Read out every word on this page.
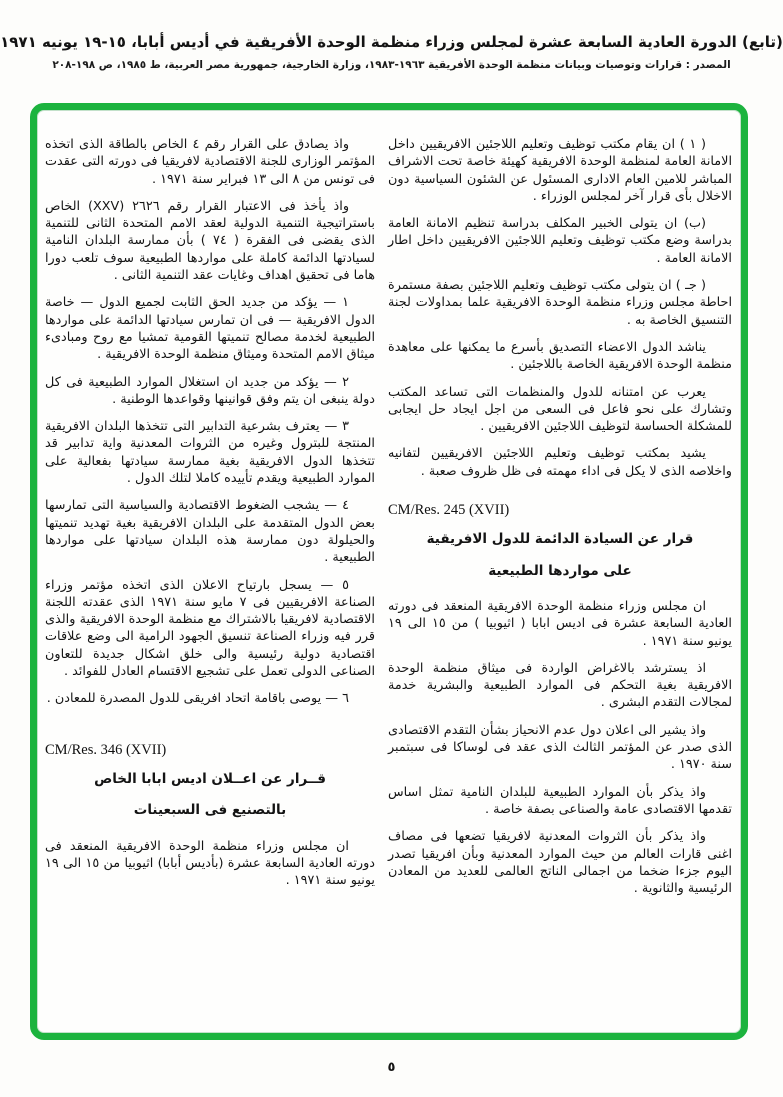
(تابع) الدورة العادية السابعة عشرة لمجلس وزراء منظمة الوحدة الأفريقية في أديس أبابا، ١٥-١٩ يونيه ١٩٧١
المصدر : قرارات وتوصيات وبيانات منظمة الوحدة الأفريقية ١٩٦٣-١٩٨٣، وزارة الخارجية، جمهورية مصر العربية، ط ١٩٨٥، ص ١٩٨-٢٠٨

( ١ ) ان يقام مكتب توظيف وتعليم اللاجئين الافريقيين داخل الامانة العامة لمنظمة الوحدة الافريقية كهيئة خاصة تحت الاشراف المباشر للامين العام الادارى المسئول عن الشئون السياسية دون الاخلال بأى قرار آخر لمجلس الوزراء .

(ب) ان يتولى الخبير المكلف بدراسة تنظيم الامانة العامة بدراسة وضع مكتب توظيف وتعليم اللاجئين الافريقيين داخل اطار الامانة العامة .

( جـ ) ان يتولى مكتب توظيف وتعليم اللاجئين بصفة مستمرة احاطة مجلس وزراء منظمة الوحدة الافريقية علما بمداولات لجنة التنسيق الخاصة به .

يناشد الدول الاعضاء التصديق بأسرع ما يمكنها على معاهدة منظمة الوحدة الافريقية الخاصة باللاجئين .

يعرب عن امتنانه للدول والمنظمات التى تساعد المكتب وتشارك على نحو فاعل فى السعى من اجل ايجاد حل ايجابى للمشكلة الحساسة لتوظيف اللاجئين الافريقيين .

يشيد بمكتب توظيف وتعليم اللاجئين الافريقيين لتفانيه واخلاصه الذى لا يكل فى اداء مهمته فى ظل ظروف صعبة .

CM/Res. 245 (XVII)
قرار عن السيادة الدائمة للدول الافريقية
على مواردها الطبيعية

ان مجلس وزراء منظمة الوحدة الافريقية المنعقد فى دورته العادية السابعة عشرة فى اديس ابابا ( اثيوبيا ) من ١٥ الى ١٩ يونيو سنة ١٩٧١ .

اذ يسترشد بالاغراض الواردة فى ميثاق منظمة الوحدة الافريقية بغية التحكم فى الموارد الطبيعية والبشرية خدمة لمجالات التقدم البشرى .

واذ يشير الى اعلان دول عدم الانحياز بشأن التقدم الاقتصادى الذى صدر عن المؤتمر الثالث الذى عقد فى لوساكا فى سبتمبر سنة ١٩٧٠ .

واذ يذكر بأن الموارد الطبيعية للبلدان النامية تمثل اساس تقدمها الاقتصادى عامة والصناعى بصفة خاصة .

واذ يذكر بأن الثروات المعدنية لافريقيا تضعها فى مصاف اغنى قارات العالم من حيث الموارد المعدنية وبأن افريقيا تصدر اليوم جزءا ضخما من اجمالى الناتج العالمى للعديد من المعادن الرئيسية والثانوية .

واذ يصادق على القرار رقم ٤ الخاص بالطاقة الذى اتخذه المؤتمر الوزارى للجنة الاقتصادية لافريقيا فى دورته التى عقدت فى تونس من ٨ الى ١٣ فبراير سنة ١٩٧١ .

واذ يأخذ فى الاعتبار القرار رقم ٢٦٢٦ (XXV) الخاص باستراتيجية التنمية الدولية لعقد الامم المتحدة الثانى للتنمية الذى يقضى فى الفقرة ( ٧٤ ) بأن ممارسة البلدان النامية لسيادتها الدائمة كاملة على مواردها الطبيعية سوف تلعب دورا هاما فى تحقيق اهداف وغايات عقد التنمية الثانى .

١ — يؤكد من جديد الحق الثابت لجميع الدول — خاصة الدول الافريقية — فى ان تمارس سيادتها الدائمة على مواردها الطبيعية لخدمة مصالح تنميتها القومية تمشيا مع روح ومبادىء ميثاق الامم المتحدة وميثاق منظمة الوحدة الافريقية .

٢ — يؤكد من جديد ان استغلال الموارد الطبيعية فى كل دولة ينبغى ان يتم وفق قوانينها وقواعدها الوطنية .

٣ — يعترف بشرعية التدابير التى تتخذها البلدان الافريقية المنتجة للبترول وغيره من الثروات المعدنية واية تدابير قد تتخذها الدول الافريقية بغية ممارسة سيادتها بفعالية على الموارد الطبيعية ويقدم تأييده كاملا لتلك الدول .

٤ — يشجب الضغوط الاقتصادية والسياسية التى تمارسها بعض الدول المتقدمة على البلدان الافريقية بغية تهديد تنميتها والحيلولة دون ممارسة هذه البلدان سيادتها على مواردها الطبيعية .

٥ — يسجل بارتياح الاعلان الذى اتخذه مؤتمر وزراء الصناعة الافريقيين فى ٧ مايو سنة ١٩٧١ الذى عقدته اللجنة الاقتصادية لافريقيا بالاشتراك مع منظمة الوحدة الافريقية والذى قرر فيه وزراء الصناعة تنسيق الجهود الرامية الى وضع علاقات اقتصادية دولية رئيسية والى خلق اشكال جديدة للتعاون الصناعى الدولى تعمل على تشجيع الاقتسام العادل للفوائد .

٦ — يوصى باقامة اتحاد افريقى للدول المصدرة للمعادن .

CM/Res. 346 (XVII)
قــرار عن اعــلان اديس ابابا الخاص
بالتصنيع فى السبعينات

ان مجلس وزراء منظمة الوحدة الافريقية المنعقد فى دورته العادية السابعة عشرة (بأديس أبابا) اثيوبيا من ١٥ الى ١٩ يونيو سنة ١٩٧١ .

٥
